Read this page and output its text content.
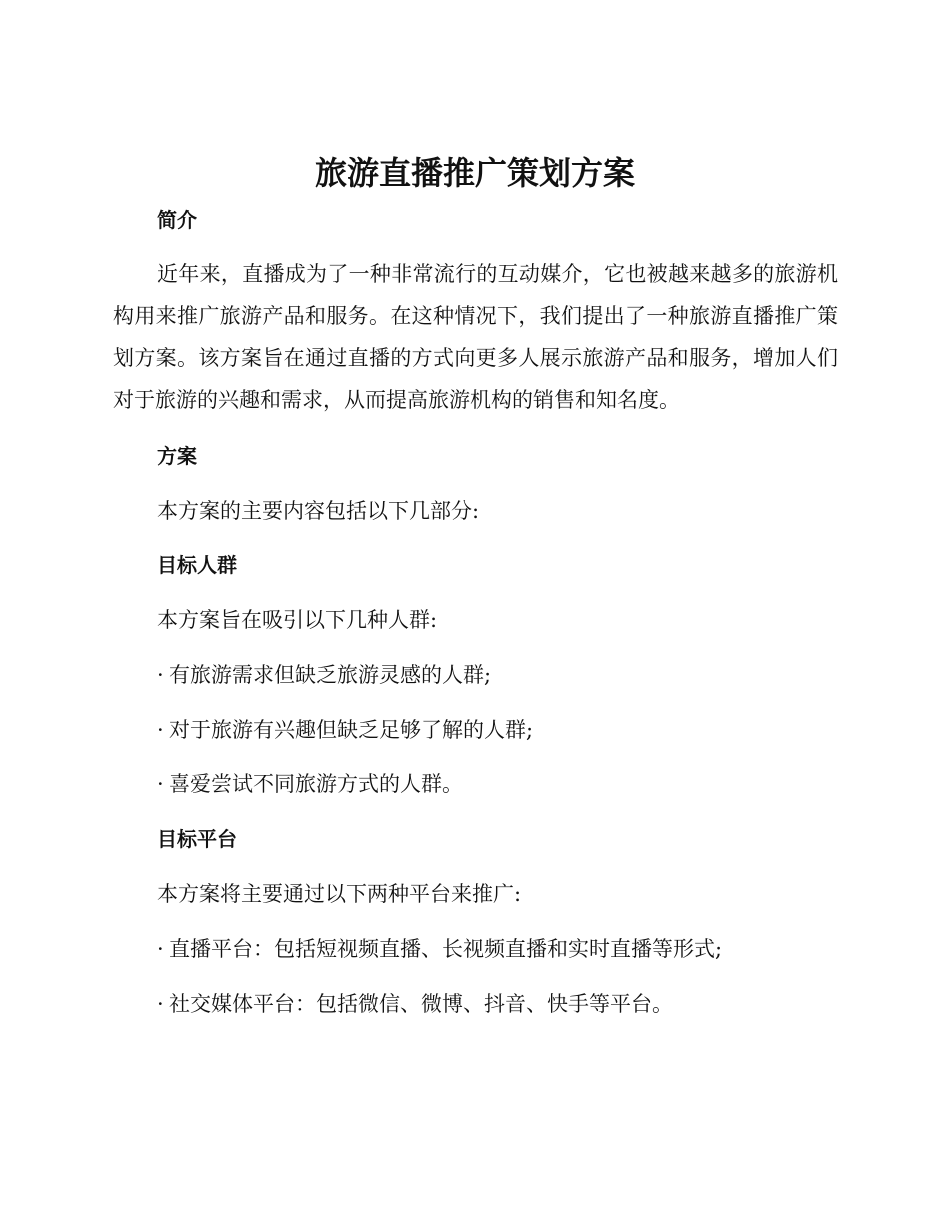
旅游直播推广策划方案
简介

近年来，直播成为了一种非常流行的互动媒介，它也被越来越多的旅游机构用来推广旅游产品和服务。在这种情况下，我们提出了一种旅游直播推广策划方案。该方案旨在通过直播的方式向更多人展示旅游产品和服务，增加人们对于旅游的兴趣和需求，从而提高旅游机构的销售和知名度。

方案

本方案的主要内容包括以下几部分:

目标人群

本方案旨在吸引以下几种人群:

· 有旅游需求但缺乏旅游灵感的人群;

· 对于旅游有兴趣但缺乏足够了解的人群;

· 喜爱尝试不同旅游方式的人群。

目标平台

本方案将主要通过以下两种平台来推广:

· 直播平台：包括短视频直播、长视频直播和实时直播等形式;

· 社交媒体平台：包括微信、微博、抖音、快手等平台。
